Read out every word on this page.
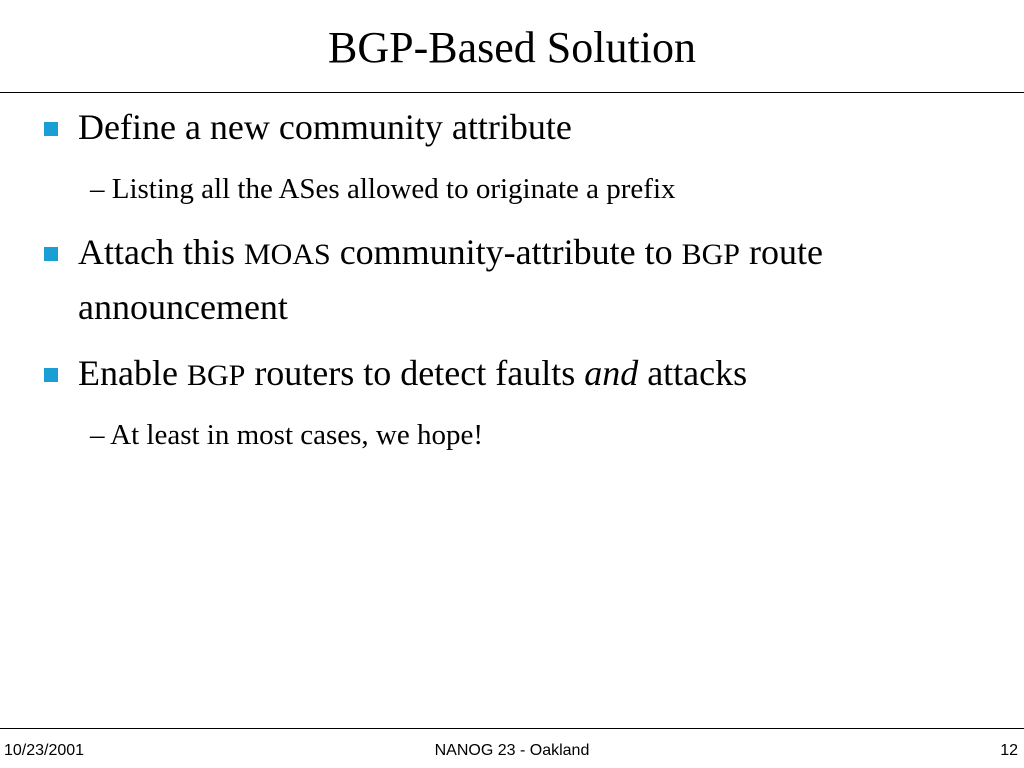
BGP-Based Solution
Define a new community attribute
– Listing all the ASes allowed to originate a prefix
Attach this MOAS community-attribute to BGP route announcement
Enable BGP routers to detect faults and attacks
– At least in most cases, we hope!
10/23/2001	NANOG 23 - Oakland	12
